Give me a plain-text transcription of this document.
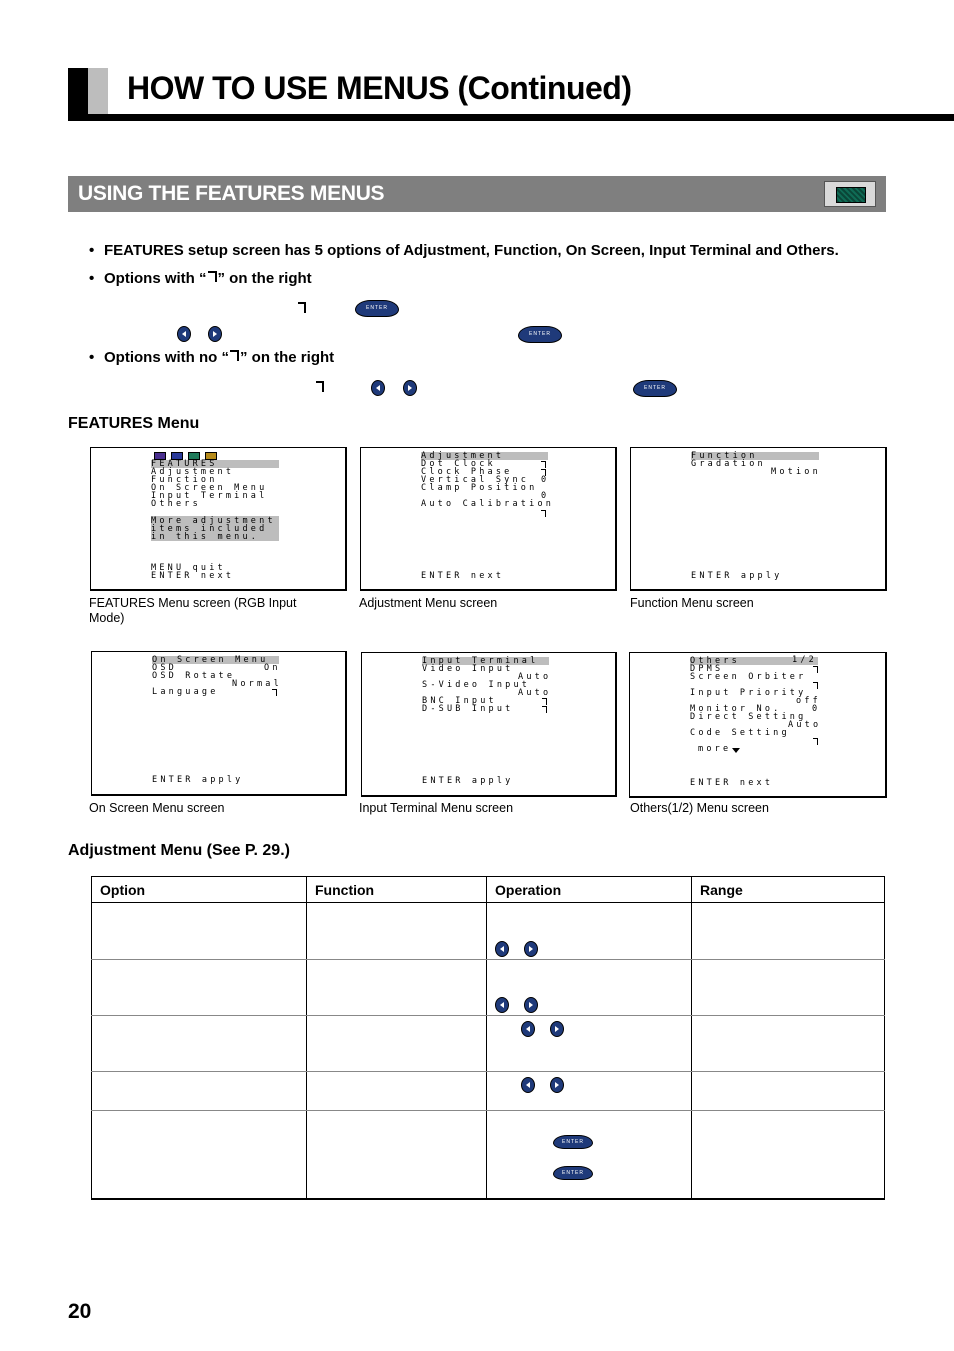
HOW TO USE MENUS (Continued)
USING THE FEATURES MENUS
• FEATURES setup screen has 5 options of Adjustment, Function, On Screen, Input Terminal and Others.
• Options with “ ” on the right
ENTER
ENTER
• Options with no “ ” on the right
ENTER
FEATURES Menu
FEATURES
Adjustment
Function
On Screen Menu
Input Terminal
Others
More adjustment
items included
in this menu.
MENU quit
ENTER next
FEATURES Menu screen (RGB Input Mode)
Adjustment
Dot Clock
Clock Phase
Vertical Sync
Clamp Position
Auto Calibration
0
0
ENTER next
Adjustment Menu screen
Function
Gradation
Motion
ENTER apply
Function Menu screen
On Screen Menu
OSD	On
OSD Rotate
Normal
Language
ENTER apply
On Screen Menu screen
Input Terminal
Video Input
Auto
S-Video Input
Auto
BNC Input
D-SUB Input
ENTER apply
Input Terminal Menu screen
Others	1/2
DPMS
Screen Orbiter
Input Priority
off
Monitor No.	0
Direct Setting
Auto
Code Setting
more
ENTER next
Others(1/2) Menu screen
Adjustment Menu (See P. 29.)
Option	Function	Operation	Range
ENTER
ENTER
20
